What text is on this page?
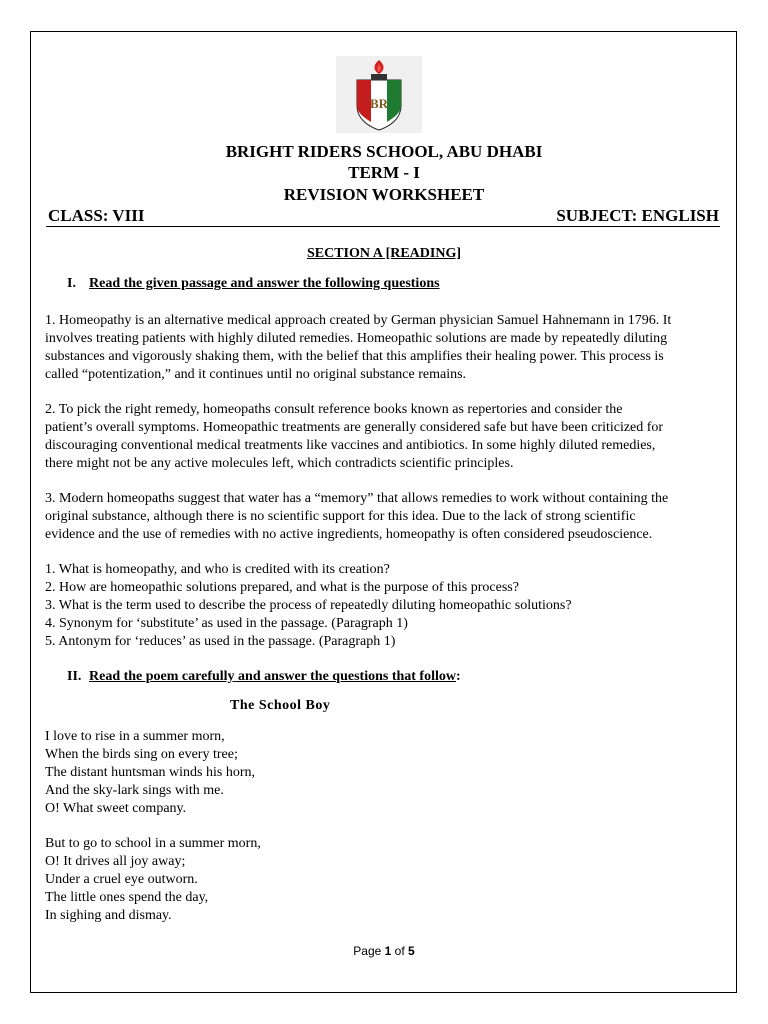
BR
BRIGHT RIDERS SCHOOL, ABU DHABI
TERM - I
REVISION WORKSHEET
CLASS: VIII	SUBJECT: ENGLISH
SECTION A [READING]
I. Read the given passage and answer the following questions
1. Homeopathy is an alternative medical approach created by German physician Samuel Hahnemann in 1796. It
involves treating patients with highly diluted remedies. Homeopathic solutions are made by repeatedly diluting
substances and vigorously shaking them, with the belief that this amplifies their healing power. This process is
called “potentization,” and it continues until no original substance remains.
2. To pick the right remedy, homeopaths consult reference books known as repertories and consider the
patient’s overall symptoms. Homeopathic treatments are generally considered safe but have been criticized for
discouraging conventional medical treatments like vaccines and antibiotics. In some highly diluted remedies,
there might not be any active molecules left, which contradicts scientific principles.
3. Modern homeopaths suggest that water has a “memory” that allows remedies to work without containing the
original substance, although there is no scientific support for this idea. Due to the lack of strong scientific
evidence and the use of remedies with no active ingredients, homeopathy is often considered pseudoscience.
1. What is homeopathy, and who is credited with its creation?
2. How are homeopathic solutions prepared, and what is the purpose of this process?
3. What is the term used to describe the process of repeatedly diluting homeopathic solutions?
4. Synonym for ‘substitute’ as used in the passage. (Paragraph 1)
5. Antonym for ‘reduces’ as used in the passage. (Paragraph 1)
II. Read the poem carefully and answer the questions that follow:
The School Boy
I love to rise in a summer morn,
When the birds sing on every tree;
The distant huntsman winds his horn,
And the sky-lark sings with me.
O! What sweet company.
But to go to school in a summer morn,
O! It drives all joy away;
Under a cruel eye outworn.
The little ones spend the day,
In sighing and dismay.
Page 1 of 5
